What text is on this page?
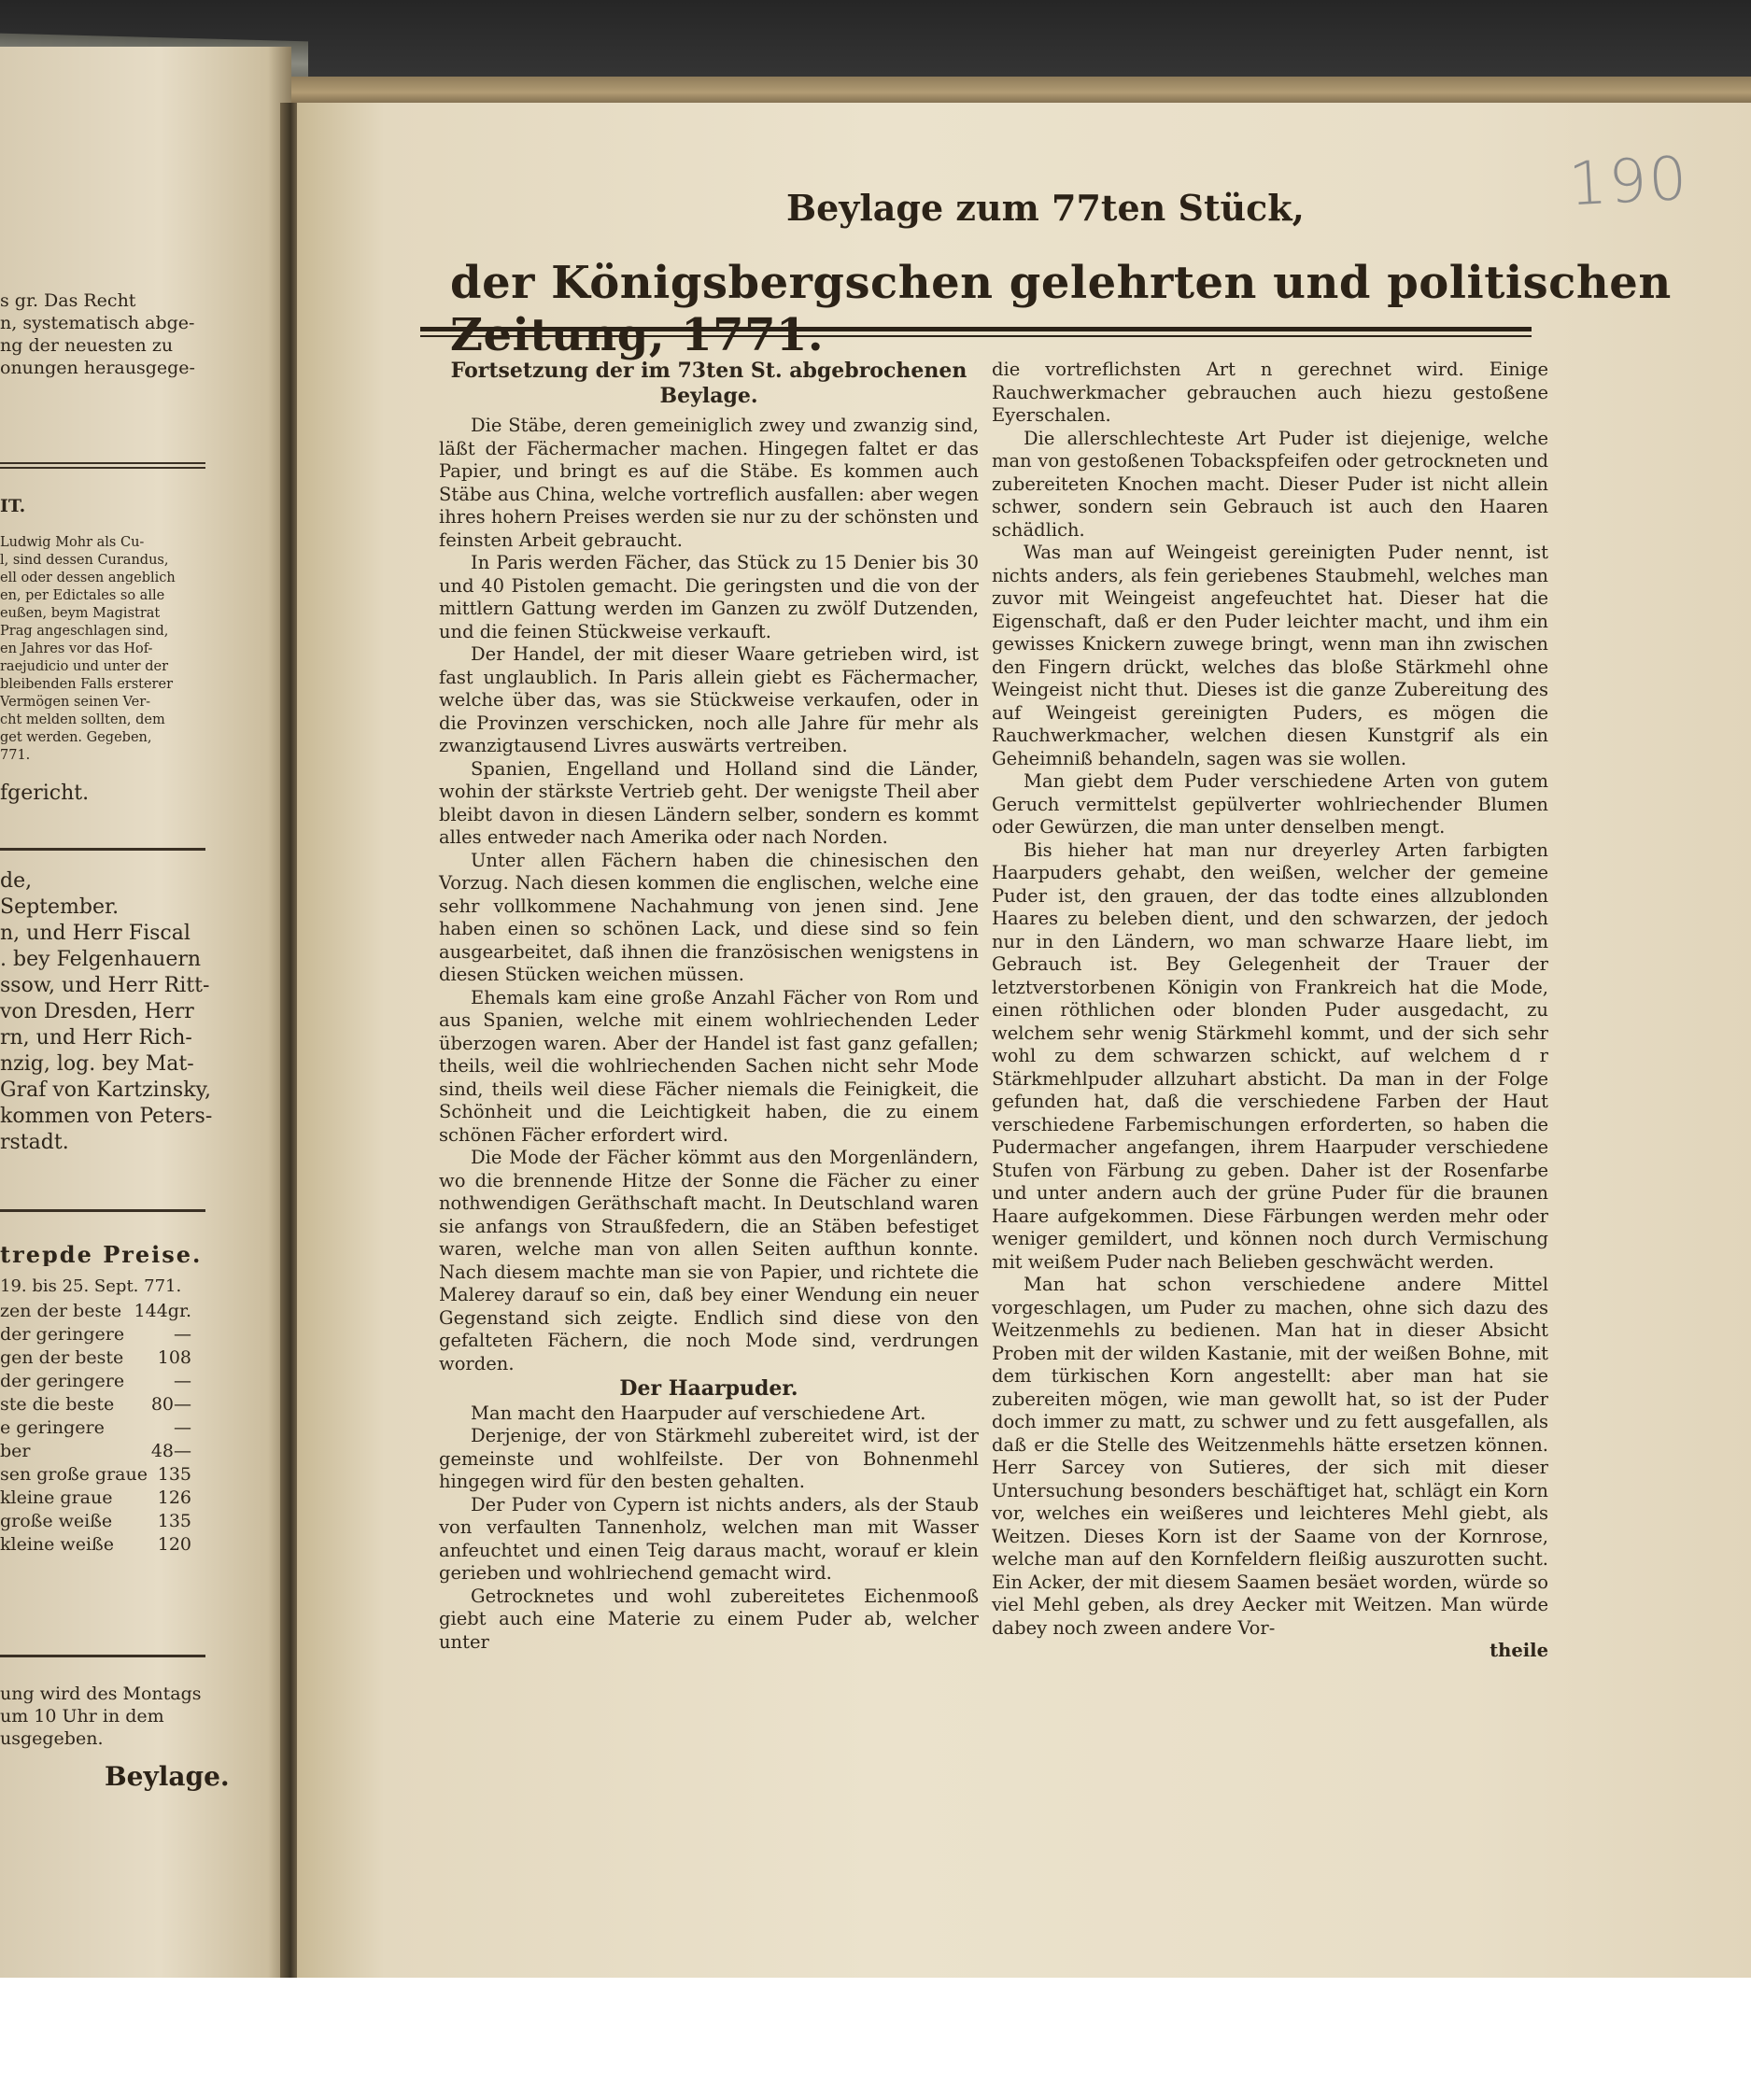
s gr. Das Recht
n, systematisch abge-
ng der neuesten zu
onungen herausgege-
IT.
Ludwig Mohr als Cu-
l, sind dessen Curandus,
ell oder dessen angeblich
en, per Edictales so alle
eußen, beym Magistrat
Prag angeschlagen sind,
en Jahres vor das Hof-
raejudicio und unter der
bleibenden Falls ersterer
Vermögen seinen Ver-
cht melden sollten, dem
get werden. Gegeben,
771.
fgericht.
de,
September.
n, und Herr Fiscal
. bey Felgenhauern
ssow, und Herr Ritt-
von Dresden, Herr
rn, und Herr Rich-
nzig, log. bey Mat-
Graf von Kartzinsky,
kommen von Peters-
rstadt.
trepde Preise.
19. bis 25. Sept. 771.
zen der beste 144gr.
der geringere	—
gen der beste 108
der geringere	—
ste die beste 80—
e geringere	—
ber	48—
sen große graue 135
kleine graue	126
große weiße	135
kleine weiße 120
ung wird des Montags
um 10 Uhr in dem
usgegeben.
Beylage.
190
Beylage zum 77ten Stück,
der Königsbergschen gelehrten und politischen
Fortsetzung der im 73ten St. abgebrochenen Beylage.

Die Stäbe, deren gemeiniglich zwey und zwanzig sind, läßt der Fächermacher machen. Hingegen faltet er das Papier, und bringt es auf die Stäbe. Es kommen auch Stäbe aus China, welche vortreflich ausfallen: aber wegen ihres hohern Preises werden sie nur zu der schönsten und feinsten Arbeit gebraucht.

In Paris werden Fächer, das Stück zu 15 Denier bis 30 und 40 Pistolen gemacht. Die geringsten und die von der mittlern Gattung werden im Ganzen zu zwölf Dutzenden, und die feinen Stückweise verkauft.

Der Handel, der mit dieser Waare getrieben wird, ist fast unglaublich. In Paris allein giebt es Fächermacher, welche über das, was sie Stückweise verkaufen, oder in die Provinzen verschicken, noch alle Jahre für mehr als zwanzigtausend Livres auswärts vertreiben.

Spanien, Engelland und Holland sind die Länder, wohin der stärkste Vertrieb geht. Der wenigste Theil aber bleibt davon in diesen Ländern selber, sondern es kommt alles entweder nach Amerika oder nach Norden.

Unter allen Fächern haben die chinesischen den Vorzug. Nach diesen kommen die englischen, welche eine sehr vollkommene Nachahmung von jenen sind. Jene haben einen so schönen Lack, und diese sind so fein ausgearbeitet, daß ihnen die französischen wenigstens in diesen Stücken weichen müssen.

Ehemals kam eine große Anzahl Fächer von Rom und aus Spanien, welche mit einem wohlriechenden Leder überzogen waren. Aber der Handel ist fast ganz gefallen; theils, weil die wohlriechenden Sachen nicht sehr Mode sind, theils weil diese Fächer niemals die Feinigkeit, die Schönheit und die Leichtigkeit haben, die zu einem schönen Fächer erfordert wird.

Die Mode der Fächer kömmt aus den Morgenländern, wo die brennende Hitze der Sonne die Fächer zu einer nothwendigen Geräthschaft macht. In Deutschland waren sie anfangs von Straußfedern, die an Stäben befestiget waren, welche man von allen Seiten aufthun konnte. Nach diesem machte man sie von Papier, und richtete die Malerey darauf so ein, daß bey einer Wendung ein neuer Gegenstand sich zeigte. Endlich sind diese von den gefalteten Fächern, die noch Mode sind, verdrungen worden.

Der Haarpuder.

Man macht den Haarpuder auf verschiedene Art.

Derjenige, der von Stärkmehl zubereitet wird, ist der gemeinste und wohlfeilste. Der von Bohnenmehl hingegen wird für den besten gehalten.

Der Puder von Cypern ist nichts anders, als der Staub von verfaulten Tannenholz, welchen man mit Wasser anfeuchtet und einen Teig daraus macht, worauf er klein gerieben und wohlriechend gemacht wird.

Getrocknetes und wohl zubereitetes Eichenmooß giebt auch eine Materie zu einem Puder ab, welcher unter

die vortreflichsten Art n gerechnet wird. Einige Rauchwerkmacher gebrauchen auch hiezu gestoßene Eyerschalen.

Die allerschlechteste Art Puder ist diejenige, welche man von gestoßenen Tobackspfeifen oder getrockneten und zubereiteten Knochen macht. Dieser Puder ist nicht allein schwer, sondern sein Gebrauch ist auch den Haaren schädlich.

Was man auf Weingeist gereinigten Puder nennt, ist nichts anders, als fein geriebenes Staubmehl, welches man zuvor mit Weingeist angefeuchtet hat. Dieser hat die Eigenschaft, daß er den Puder leichter macht, und ihm ein gewisses Knickern zuwege bringt, wenn man ihn zwischen den Fingern drückt, welches das bloße Stärkmehl ohne Weingeist nicht thut. Dieses ist die ganze Zubereitung des auf Weingeist gereinigten Puders, es mögen die Rauchwerkmacher, welchen diesen Kunstgrif als ein Geheimniß behandeln, sagen was sie wollen.

Man giebt dem Puder verschiedene Arten von gutem Geruch vermittelst gepülverter wohlriechender Blumen oder Gewürzen, die man unter denselben mengt.

Bis hieher hat man nur dreyerley Arten farbigten Haarpuders gehabt, den weißen, welcher der gemeine Puder ist, den grauen, der das todte eines allzublonden Haares zu beleben dient, und den schwarzen, der jedoch nur in den Ländern, wo man schwarze Haare liebt, im Gebrauch ist. Bey Gelegenheit der Trauer der letztverstorbenen Königin von Frankreich hat die Mode, einen röthlichen oder blonden Puder ausgedacht, zu welchem sehr wenig Stärkmehl kommt, und der sich sehr wohl zu dem schwarzen schickt, auf welchem d r Stärkmehlpuder allzuhart absticht. Da man in der Folge gefunden hat, daß die verschiedene Farben der Haut verschiedene Farbemischungen erforderten, so haben die Pudermacher angefangen, ihrem Haarpuder verschiedene Stufen von Färbung zu geben. Daher ist der Rosenfarbe und unter andern auch der grüne Puder für die braunen Haare aufgekommen. Diese Färbungen werden mehr oder weniger gemildert, und können noch durch Vermischung mit weißem Puder nach Belieben geschwächt werden.

Man hat schon verschiedene andere Mittel vorgeschlagen, um Puder zu machen, ohne sich dazu des Weitzenmehls zu bedienen. Man hat in dieser Absicht Proben mit der wilden Kastanie, mit der weißen Bohne, mit dem türkischen Korn angestellt: aber man hat sie zubereiten mögen, wie man gewollt hat, so ist der Puder doch immer zu matt, zu schwer und zu fett ausgefallen, als daß er die Stelle des Weitzenmehls hätte ersetzen können. Herr Sarcey von Sutieres, der sich mit dieser Untersuchung besonders beschäftiget hat, schlägt ein Korn vor, welches ein weißeres und leichteres Mehl giebt, als Weitzen. Dieses Korn ist der Saame von der Kornrose, welche man auf den Kornfeldern fleißig auszurotten sucht. Ein Acker, der mit diesem Saamen besäet worden, würde so viel Mehl geben, als drey Aecker mit Weitzen. Man würde dabey noch zween andere Vor-

theile
